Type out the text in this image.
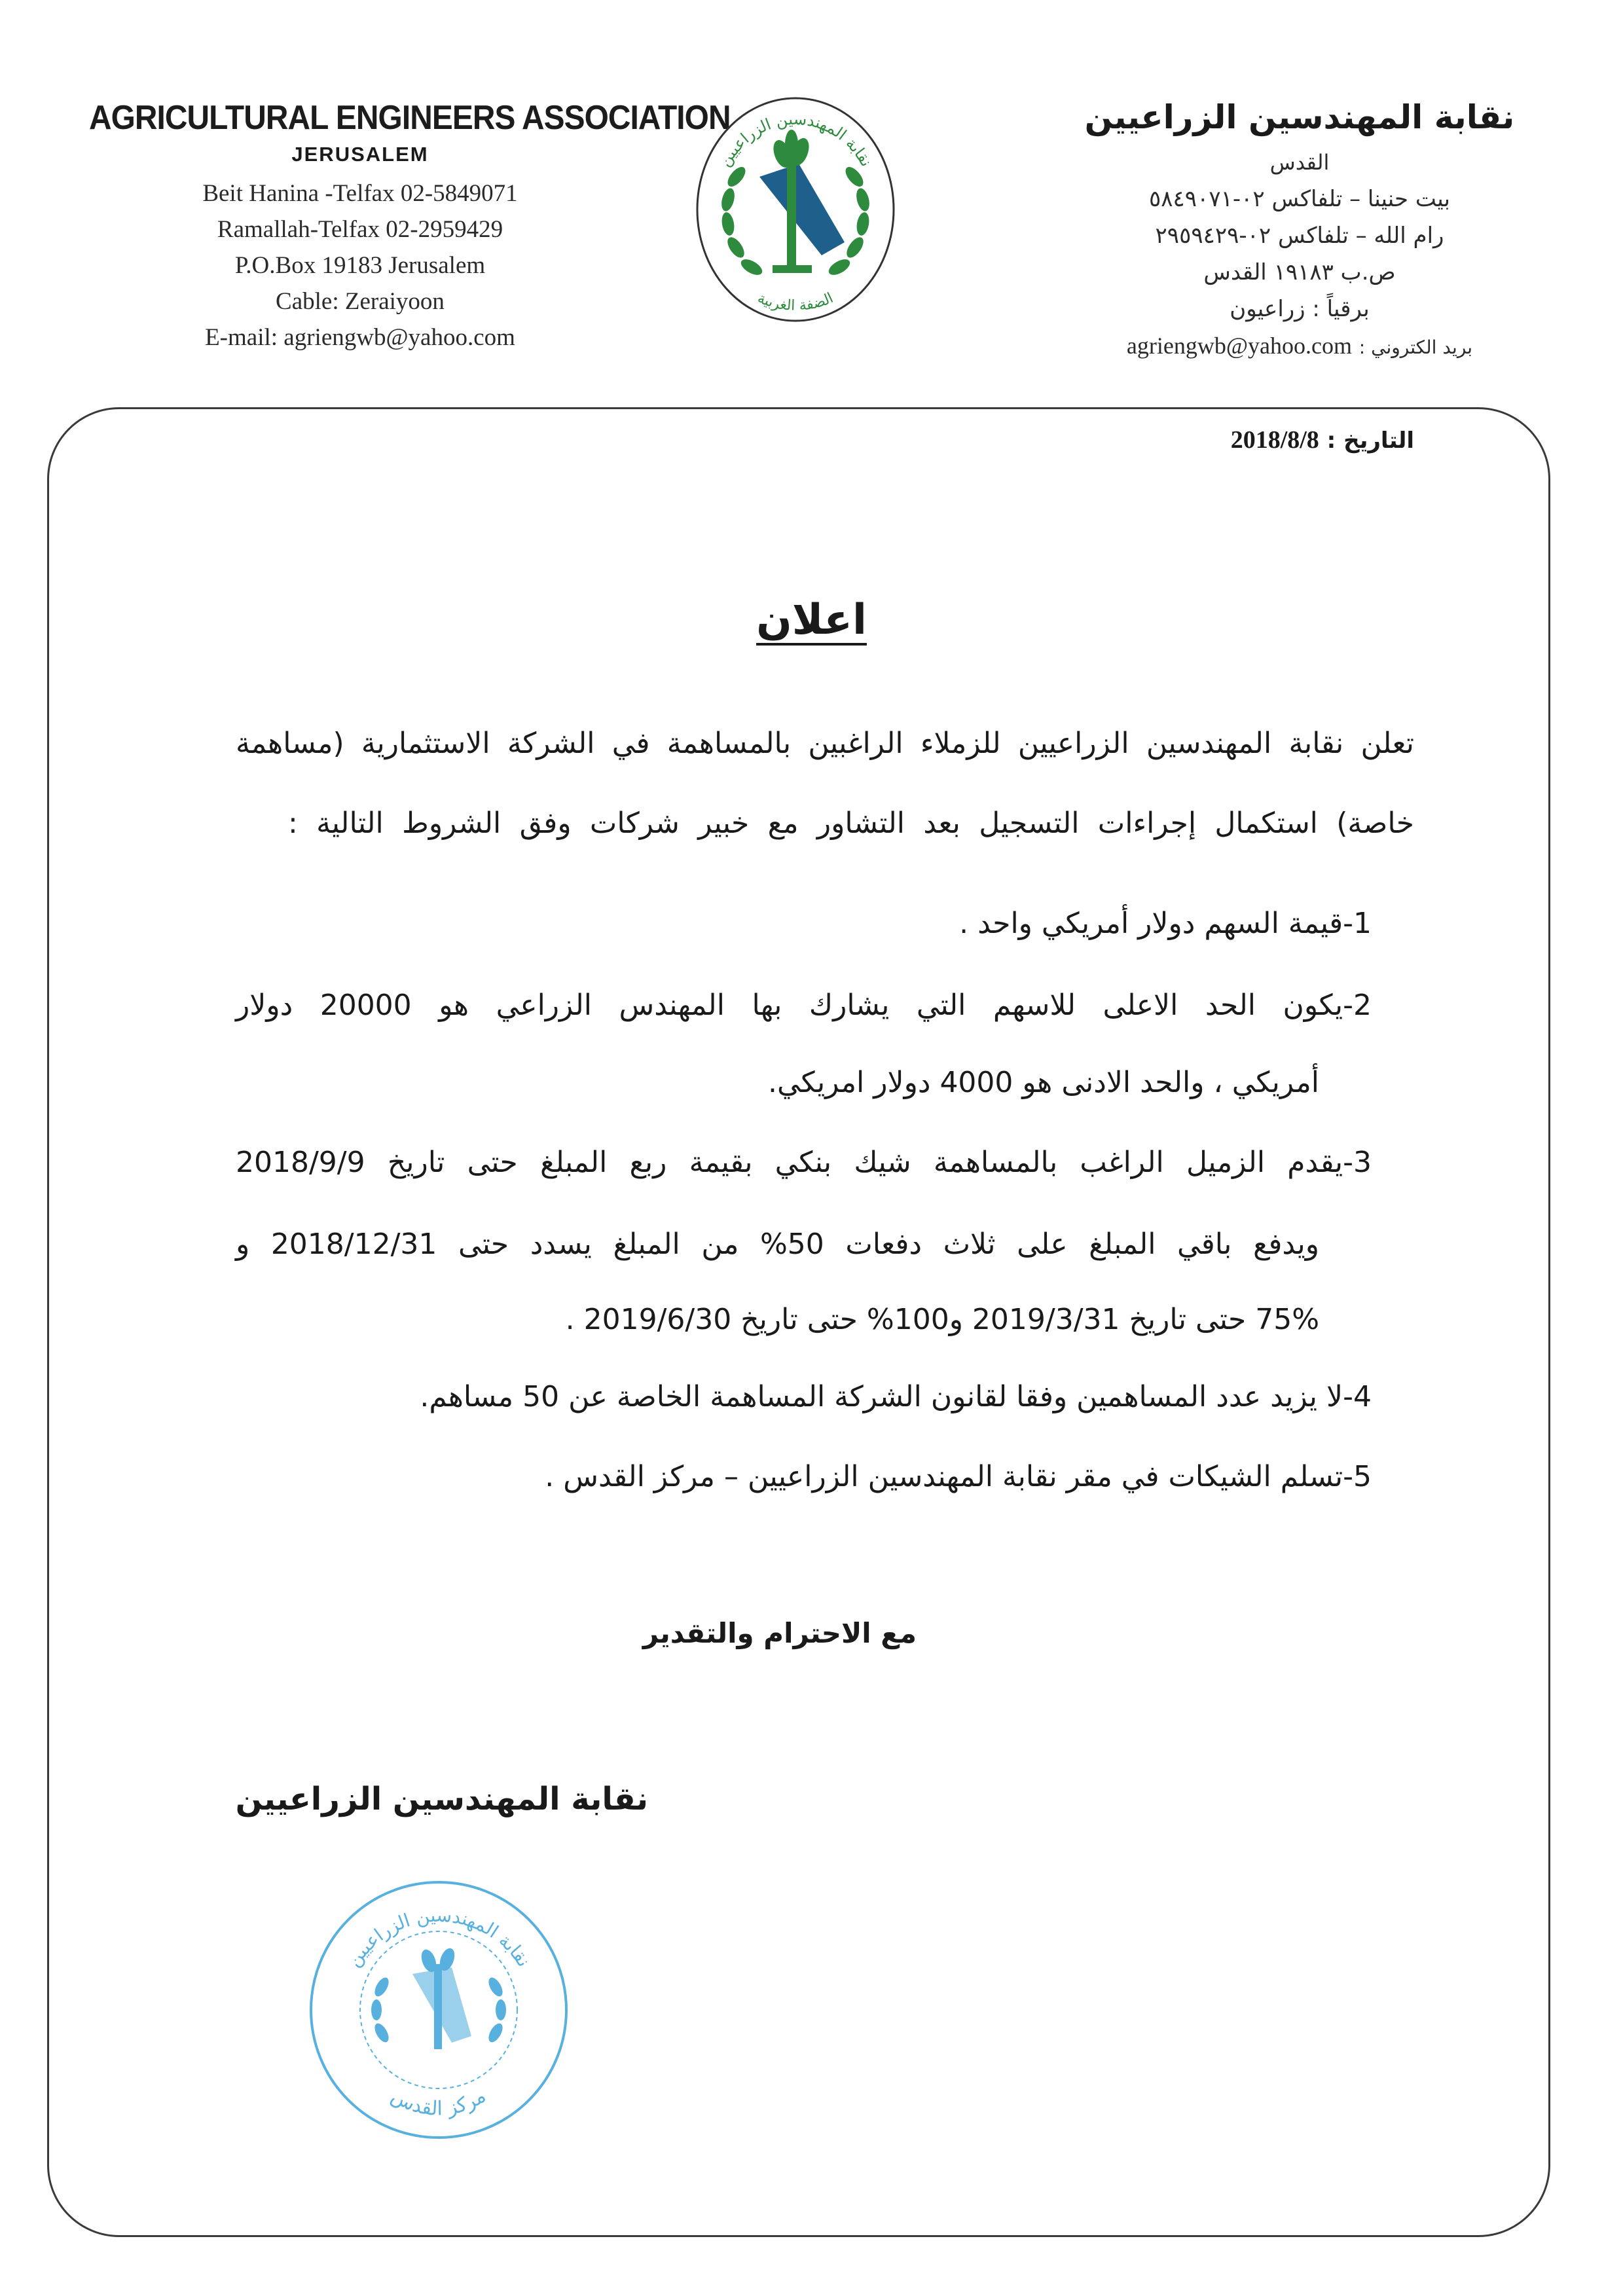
AGRICULTURAL ENGINEERS ASSOCIATION
JERUSALEM
Beit Hanina -Telfax 02-5849071
Ramallah-Telfax 02-2959429
P.O.Box 19183 Jerusalem
Cable: Zeraiyoon
E-mail: agriengwb@yahoo.com
نقابة المهندسين الزراعيين
الضفة الغربية
نقابة المهندسين الزراعيين
القدس
بيت حنينا – تلفاكس ٠٢-٥٨٤٩٠٧١
رام الله – تلفاكس ٠٢-٢٩٥٩٤٢٩
ص.ب ١٩١٨٣ القدس
برقياً : زراعيون
بريد الكتروني : agriengwb@yahoo.com
التاريخ : 2018/8/8
اعلان
تعلن نقابة المهندسين الزراعيين للزملاء الراغبين بالمساهمة في الشركة الاستثمارية (مساهمة
خاصة) استكمال إجراءات التسجيل بعد التشاور مع خبير شركات وفق الشروط التالية :
1-قيمة السهم دولار أمريكي واحد .
2-يكون الحد الاعلى للاسهم التي يشارك بها المهندس الزراعي هو 20000 دولار
أمريكي ، والحد الادنى هو 4000 دولار امريكي.
3-يقدم الزميل الراغب بالمساهمة شيك بنكي بقيمة ربع المبلغ حتى تاريخ 2018/9/9
ويدفع باقي المبلغ على ثلاث دفعات 50% من المبلغ يسدد حتى 2018/12/31 و
75% حتى تاريخ 2019/3/31 و100% حتى تاريخ 2019/6/30 .
4-لا يزيد عدد المساهمين وفقا لقانون الشركة المساهمة الخاصة عن 50 مساهم.
5-تسلم الشيكات في مقر نقابة المهندسين الزراعيين – مركز القدس .
مع الاحترام والتقدير
نقابة المهندسين الزراعيين
نقابة المهندسين الزراعيين
مركز القدس
